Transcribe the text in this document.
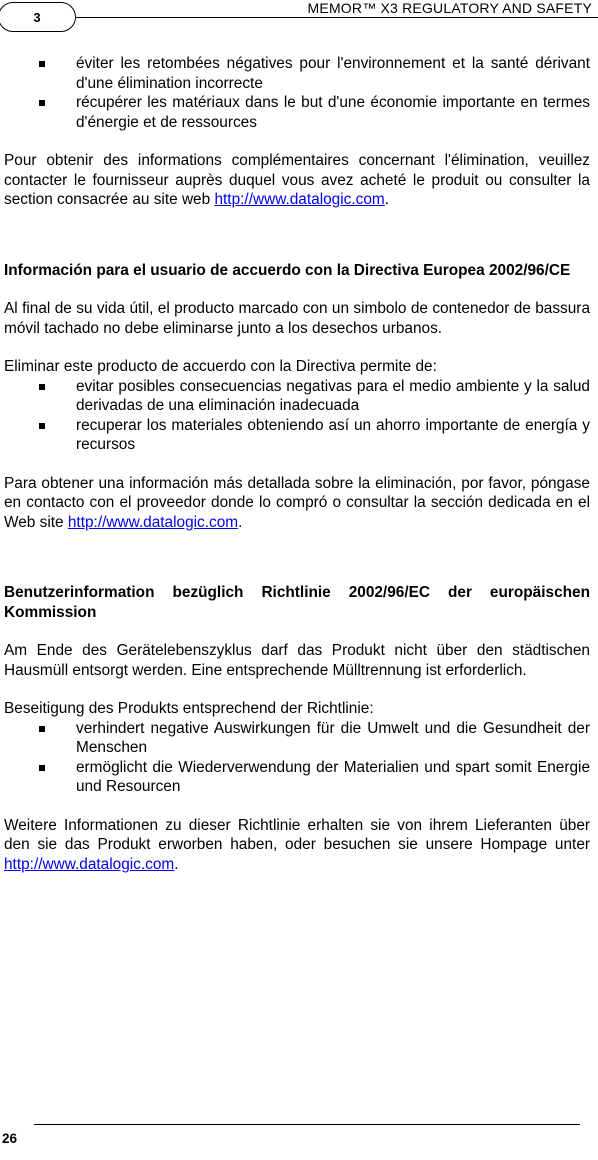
3
MEMOR™ X3 REGULATORY AND SAFETY
éviter les retombées négatives pour l'environnement et la santé dérivant d'une élimination incorrecte
récupérer les matériaux dans le but d'une économie importante en termes d'énergie et de ressources

Pour obtenir des informations complémentaires concernant l'élimination, veuillez contacter le fournisseur auprès duquel vous avez acheté le produit ou consulter la section consacrée au site web http://www.datalogic.com.

Información para el usuario de accuerdo con la Directiva Europea 2002/96/CE

Al final de su vida útil, el producto marcado con un simbolo de contenedor de bassura móvil tachado no debe eliminarse junto a los desechos urbanos.

Eliminar este producto de accuerdo con la Directiva permite de:

evitar posibles consecuencias negativas para el medio ambiente y la salud derivadas de una eliminación inadecuada
recuperar los materiales obteniendo así un ahorro importante de energía y recursos

Para obtener una información más detallada sobre la eliminación, por favor, póngase en contacto con el proveedor donde lo compró o consultar la sección dedicada en el Web site http://www.datalogic.com.

Benutzerinformation bezüglich Richtlinie 2002/96/EC der europäischen Kommission

Am Ende des Gerätelebenszyklus darf das Produkt nicht über den städtischen Hausmüll entsorgt werden. Eine entsprechende Mülltrennung ist erforderlich.

Beseitigung des Produkts entsprechend der Richtlinie:

verhindert negative Auswirkungen für die Umwelt und die Gesundheit der Menschen
ermöglicht die Wiederverwendung der Materialien und spart somit Energie und Resourcen

Weitere Informationen zu dieser Richtlinie erhalten sie von ihrem Lieferanten über den sie das Produkt erworben haben, oder besuchen sie unsere Hompage unter http://www.datalogic.com.

26
